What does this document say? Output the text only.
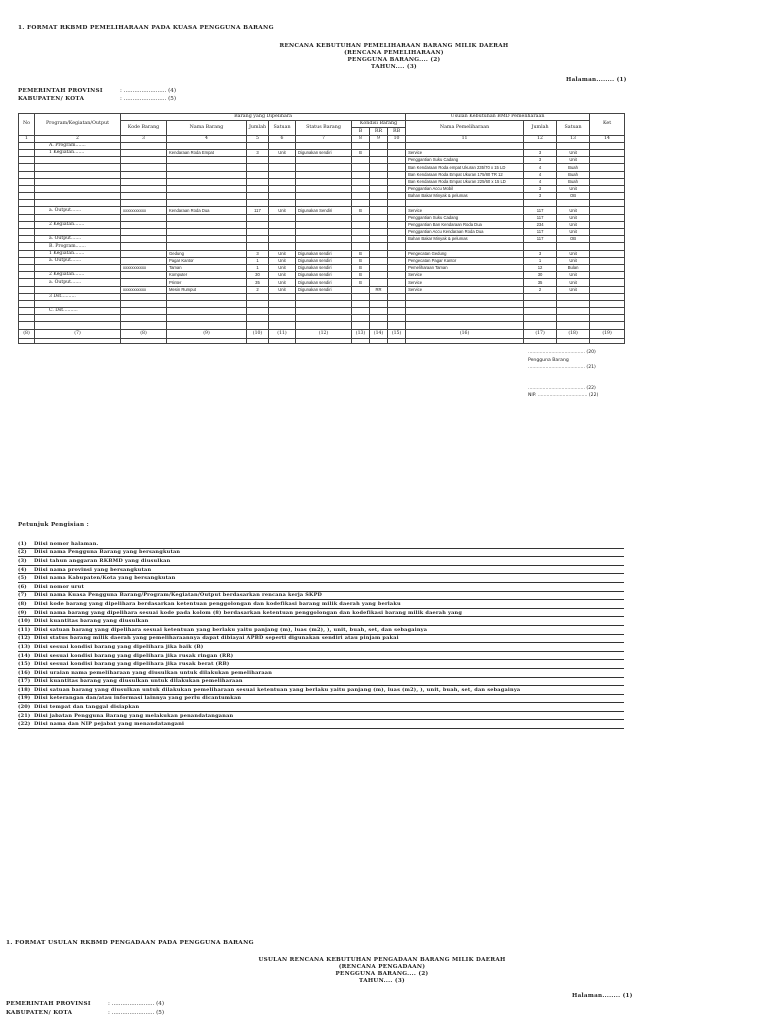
1. FORMAT RKBMD PEMELIHARAAN PADA KUASA PENGGUNA BARANG
RENCANA KEBUTUHAN PEMELIHARAAN BARANG MILIK DAERAH
(RENCANA PEMELIHARAAN)
PENGGUNA BARANG.... (2)
TAHUN.... (3)
Halaman........ (1)
PEMERINTAH PROVINSI	: ........................ (4)
KABUPATEN/ KOTA	: ........................ (5)
No	Program/Kegiatan/Output	Barang yang Dipelihara								Usulan Kebutuhan BMD Pemeliharaan			Ket
		Kode Barang	Nama Barang	Jumlah	Satuan	Status Barang	Kondisi Barang			Nama Pemeliharaan	Jumlah	Satuan	
							B	RR	RB				
1	2	3	4	5	6	7	8	9	10	11	12	13	14
	A. Program.......												
	1 Kegiatan.......		Kendaraan Roda Empat	3	Unit	Digunakan sendiri	B			Service	3	Unit	
										Penggantian Suku Cadang	3	Unit	
										Ban Kendaraan Roda empat Ukuran 235/70 x 15 LD	4	Buah	
										Ban Kendaraan Roda Empat Ukuran 175/80 TR 12	4	Buah	
										Ban Kendaraan Roda Empat Ukuran 225/60 x 15 LD	4	Buah	
										Penggantian Accu Mobil	3	Unit	
										Bahan Bakar Minyak & pelumas	3	OB	

	a. Output.......	xxxxxxxxxxx	Kendaraan Roda Dua	117	Unit	Digunakan Sendiri	B			Service	117	Unit	
										Penggantian Suku Cadang	117	Unit	
	2 Kegiatan.......									Penggantian Ban Kendaraan Roda Dua	234	Unit	
										Penggantian Accu Kendaraan Roda Dua	117	Unit	
	a. Output.......									Bahan Bakar Minyak & pelumas	117	OB	
	B. Program.......												
	1 Kegiatan.......		Gedung	3	Unit	Digunakan sendiri	B			Pengecatan Gedung	3	Unit	
	a. Output.......		Pagar Kantor	1	Unit	Digunakan sendiri	B			Pengecatan Pagar Kantor	1	Unit	
		xxxxxxxxxxx	Taman	1	Unit	Digunakan sendiri	B			Pemeliharaan Taman	12	Bulan	
	2 Kegiatan.......		Komputer	30	Unit	Digunakan sendiri	B			Service	30	Unit	
	a. Output.......		Printer	35	Unit	Digunakan sendiri	B			Service	35	Unit	
		xxxxxxxxxxx	Mesin Rumput	2	Unit	Digunakan sendiri		RR		Service	2	Unit	
	3 Dst..........												

	C. Dst..........												

(8)	(7)	(8)	(9)	(10)	(11)	(12)	(13)	(14)	(15)	(16)	(17)	(18)	(19)

....................................... (20)
Pengguna Barang
....................................... (21)
....................................... (22)
NIP. .................................. (22)
Petunjuk Pengisian :
(1)	Diisi nomor halaman.
(2)	Diisi nama Pengguna Barang yang bersangkutan
(3)	Diisi tahun anggaran RKBMD yang diusulkan
(4)	Diisi nama provinsi yang bersangkutan
(5)	Diisi nama Kabupaten/Kota yang bersangkutan
(6)	Diisi nomor urut
(7)	Diisi nama Kuasa Pengguna Barang/Program/Kegiatan/Output berdasarkan rencana kerja SKPD
(8)	Diisi kode barang yang dipelihara berdasarkan ketentuan penggolongan dan kodefikasi barang milik daerah yang berlaku
(9)	Diisi nama barang yang dipelihara sesuai kode pada kolom (8) berdasarkan ketentuan penggolongan dan kodefikasi barang milik daerah yang
(10) Diisi kuantitas barang yang diusulkan
(11) Diisi satuan barang yang dipelihara sesuai ketentuan yang berlaku yaitu panjang (m), luas (m2), ), unit, buah, set, dan sebagainya
(12) Diisi status barang milik daerah yang pemeliharaannya dapat dibiayai APBD seperti digunakan sendiri atau pinjam pakai
(13) Diisi sesuai kondisi barang yang dipelihara jika baik (B)
(14) Diisi sesuai kondisi barang yang dipelihara jika rusak ringan (RR)
(15) Diisi sesuai kondisi barang yang dipelihara jika rusak berat (RB)
(16) Diisi uraian nama pemeliharaan yang diusulkan untuk dilakukan pemeliharaan
(17) Diisi kuantitas barang yang diusulkan untuk dilakukan pemeliharaan
(18) Diisi satuan barang yang diusulkan untuk dilakukan pemeliharaan sesuai ketentuan yang berlaku yaitu panjang (m), luas (m2), ), unit, buah, set, dan sebagainya
(19) Diisi keterangan dan/atau informasi lainnya yang perlu dicantumkan
(20) Diisi tempat dan tanggal disiapkan
(21) Diisi jabatan Pengguna Barang yang melakukan penandatanganan
(22) Diisi nama dan NIP pejabat yang menandatangani
1. FORMAT USULAN RKBMD PENGADAAN PADA PENGGUNA BARANG
USULAN RENCANA KEBUTUHAN PENGADAAN BARANG MILIK DAERAH
(RENCANA PENGADAAN)
PENGGUNA BARANG.... (2)
TAHUN.... (3)
Halaman........ (1)
PEMERINTAH PROVINSI	: ........................ (4)
KABUPATEN/ KOTA	: ........................ (5)
